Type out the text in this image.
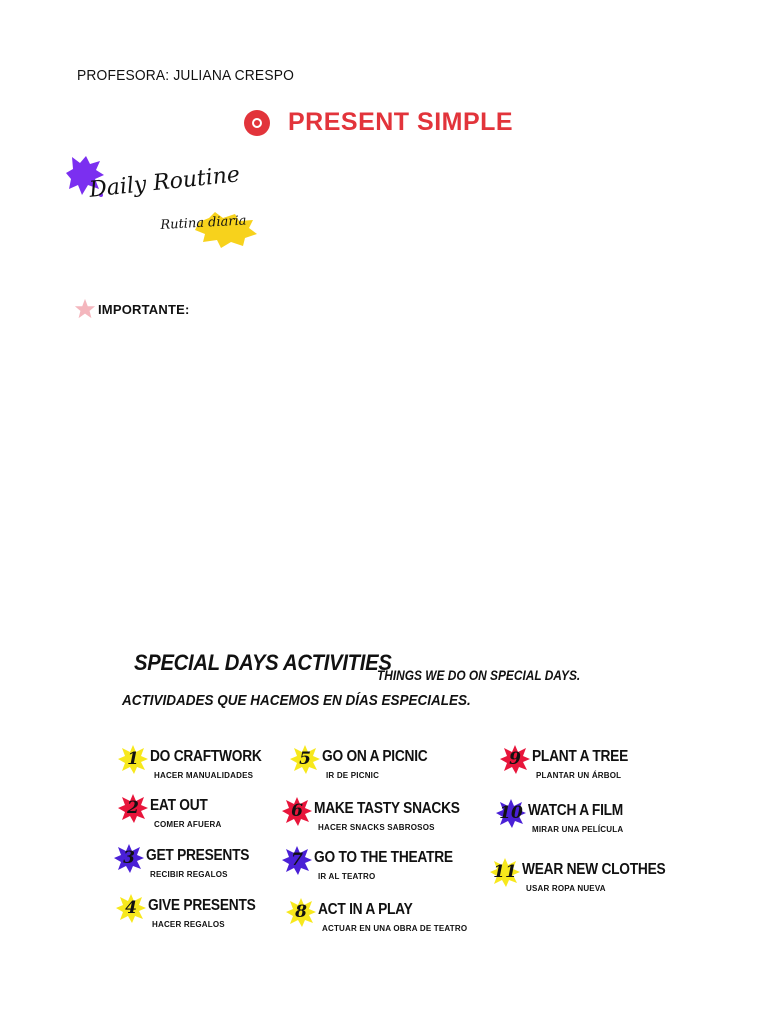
PROFESORA: JULIANA CRESPO
PRESENT SIMPLE
Daily Routine
Rutina diaria
IMPORTANTE:
SPECIAL DAYS ACTIVITIES
THINGS WE DO ON SPECIAL DAYS.
ACTIVIDADES QUE HACEMOS EN DÍAS ESPECIALES.
1 DO CRAFTWORK
HACER MANUALIDADES
2 EAT OUT
COMER AFUERA
3 GET PRESENTS
RECIBIR REGALOS
4 GIVE PRESENTS
HACER REGALOS
5 GO ON A PICNIC
IR DE PICNIC
6 MAKE TASTY SNACKS
HACER SNACKS SABROSOS
7 GO TO THE THEATRE
IR AL TEATRO
8 ACT IN A PLAY
ACTUAR EN UNA OBRA DE TEATRO
9 PLANT A TREE
PLANTAR UN ÁRBOL
10 WATCH A FILM
MIRAR UNA PELÍCULA
11 WEAR NEW CLOTHES
USAR ROPA NUEVA
